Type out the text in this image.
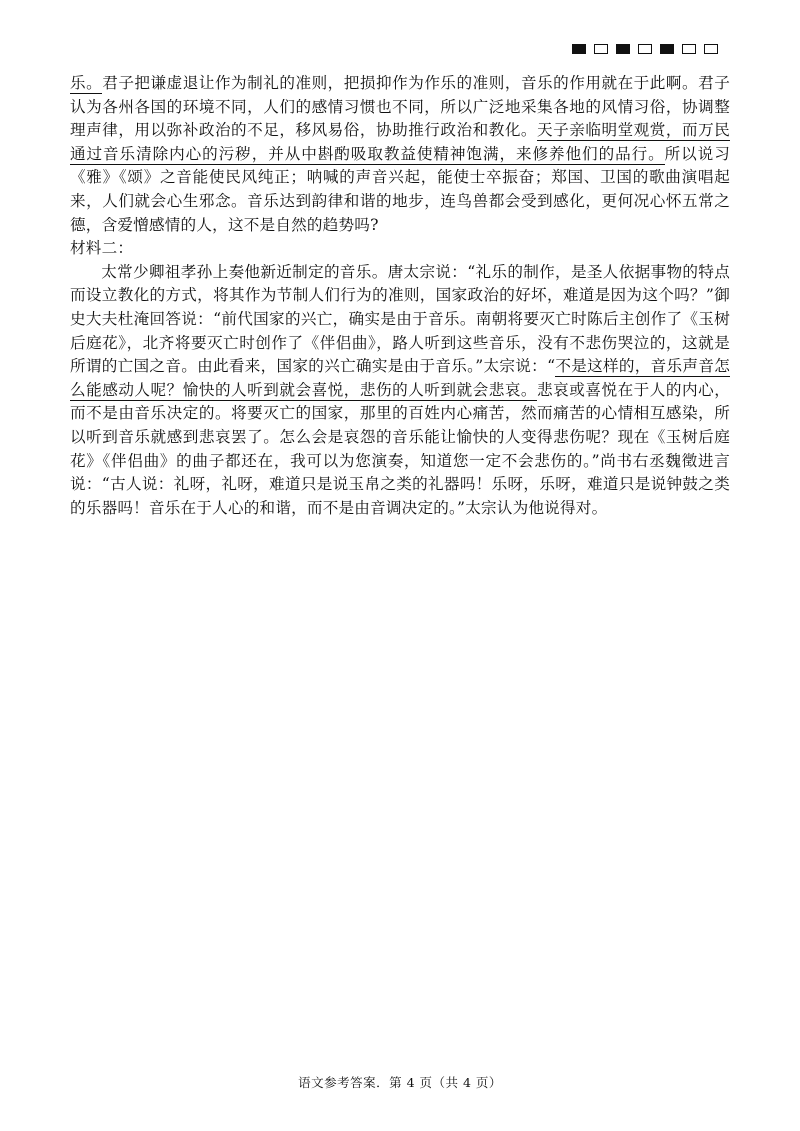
乐。君子把谦虚退让作为制礼的准则，把损抑作为作乐的准则，音乐的作用就在于此啊。君子认为各州各国的环境不同，人们的感情习惯也不同，所以广泛地采集各地的风情习俗，协调整理声律，用以弥补政治的不足，移风易俗，协助推行政治和教化。天子亲临明堂观赏，而万民通过音乐清除内心的污秽，并从中斟酌吸取教益使精神饱满，来修养他们的品行。所以说习《雅》《颂》之音能使民风纯正；呐喊的声音兴起，能使士卒振奋；郑国、卫国的歌曲演唱起来，人们就会心生邪念。音乐达到韵律和谐的地步，连鸟兽都会受到感化，更何况心怀五常之德，含爱憎感情的人，这不是自然的趋势吗?

材料二：

太常少卿祖孝孙上奏他新近制定的音乐。唐太宗说：“礼乐的制作，是圣人依据事物的特点而设立教化的方式，将其作为节制人们行为的准则，国家政治的好坏，难道是因为这个吗？”御史大夫杜淹回答说：“前代国家的兴亡，确实是由于音乐。南朝将要灭亡时陈后主创作了《玉树后庭花》，北齐将要灭亡时创作了《伴侣曲》，路人听到这些音乐，没有不悲伤哭泣的，这就是所谓的亡国之音。由此看来，国家的兴亡确实是由于音乐。”太宗说：“不是这样的，音乐声音怎么能感动人呢？愉快的人听到就会喜悦，悲伤的人听到就会悲哀。悲哀或喜悦在于人的内心，而不是由音乐决定的。将要灭亡的国家，那里的百姓内心痛苦，然而痛苦的心情相互感染，所以听到音乐就感到悲哀罢了。怎么会是哀怨的音乐能让愉快的人变得悲伤呢？现在《玉树后庭花》《伴侣曲》的曲子都还在，我可以为您演奏，知道您一定不会悲伤的。”尚书右丞魏徵进言说：“古人说：礼呀，礼呀，难道只是说玉帛之类的礼器吗！乐呀，乐呀，难道只是说钟鼓之类的乐器吗！音乐在于人心的和谐，而不是由音调决定的。”太宗认为他说得对。

语文参考答案．第 4 页（共 4 页）
